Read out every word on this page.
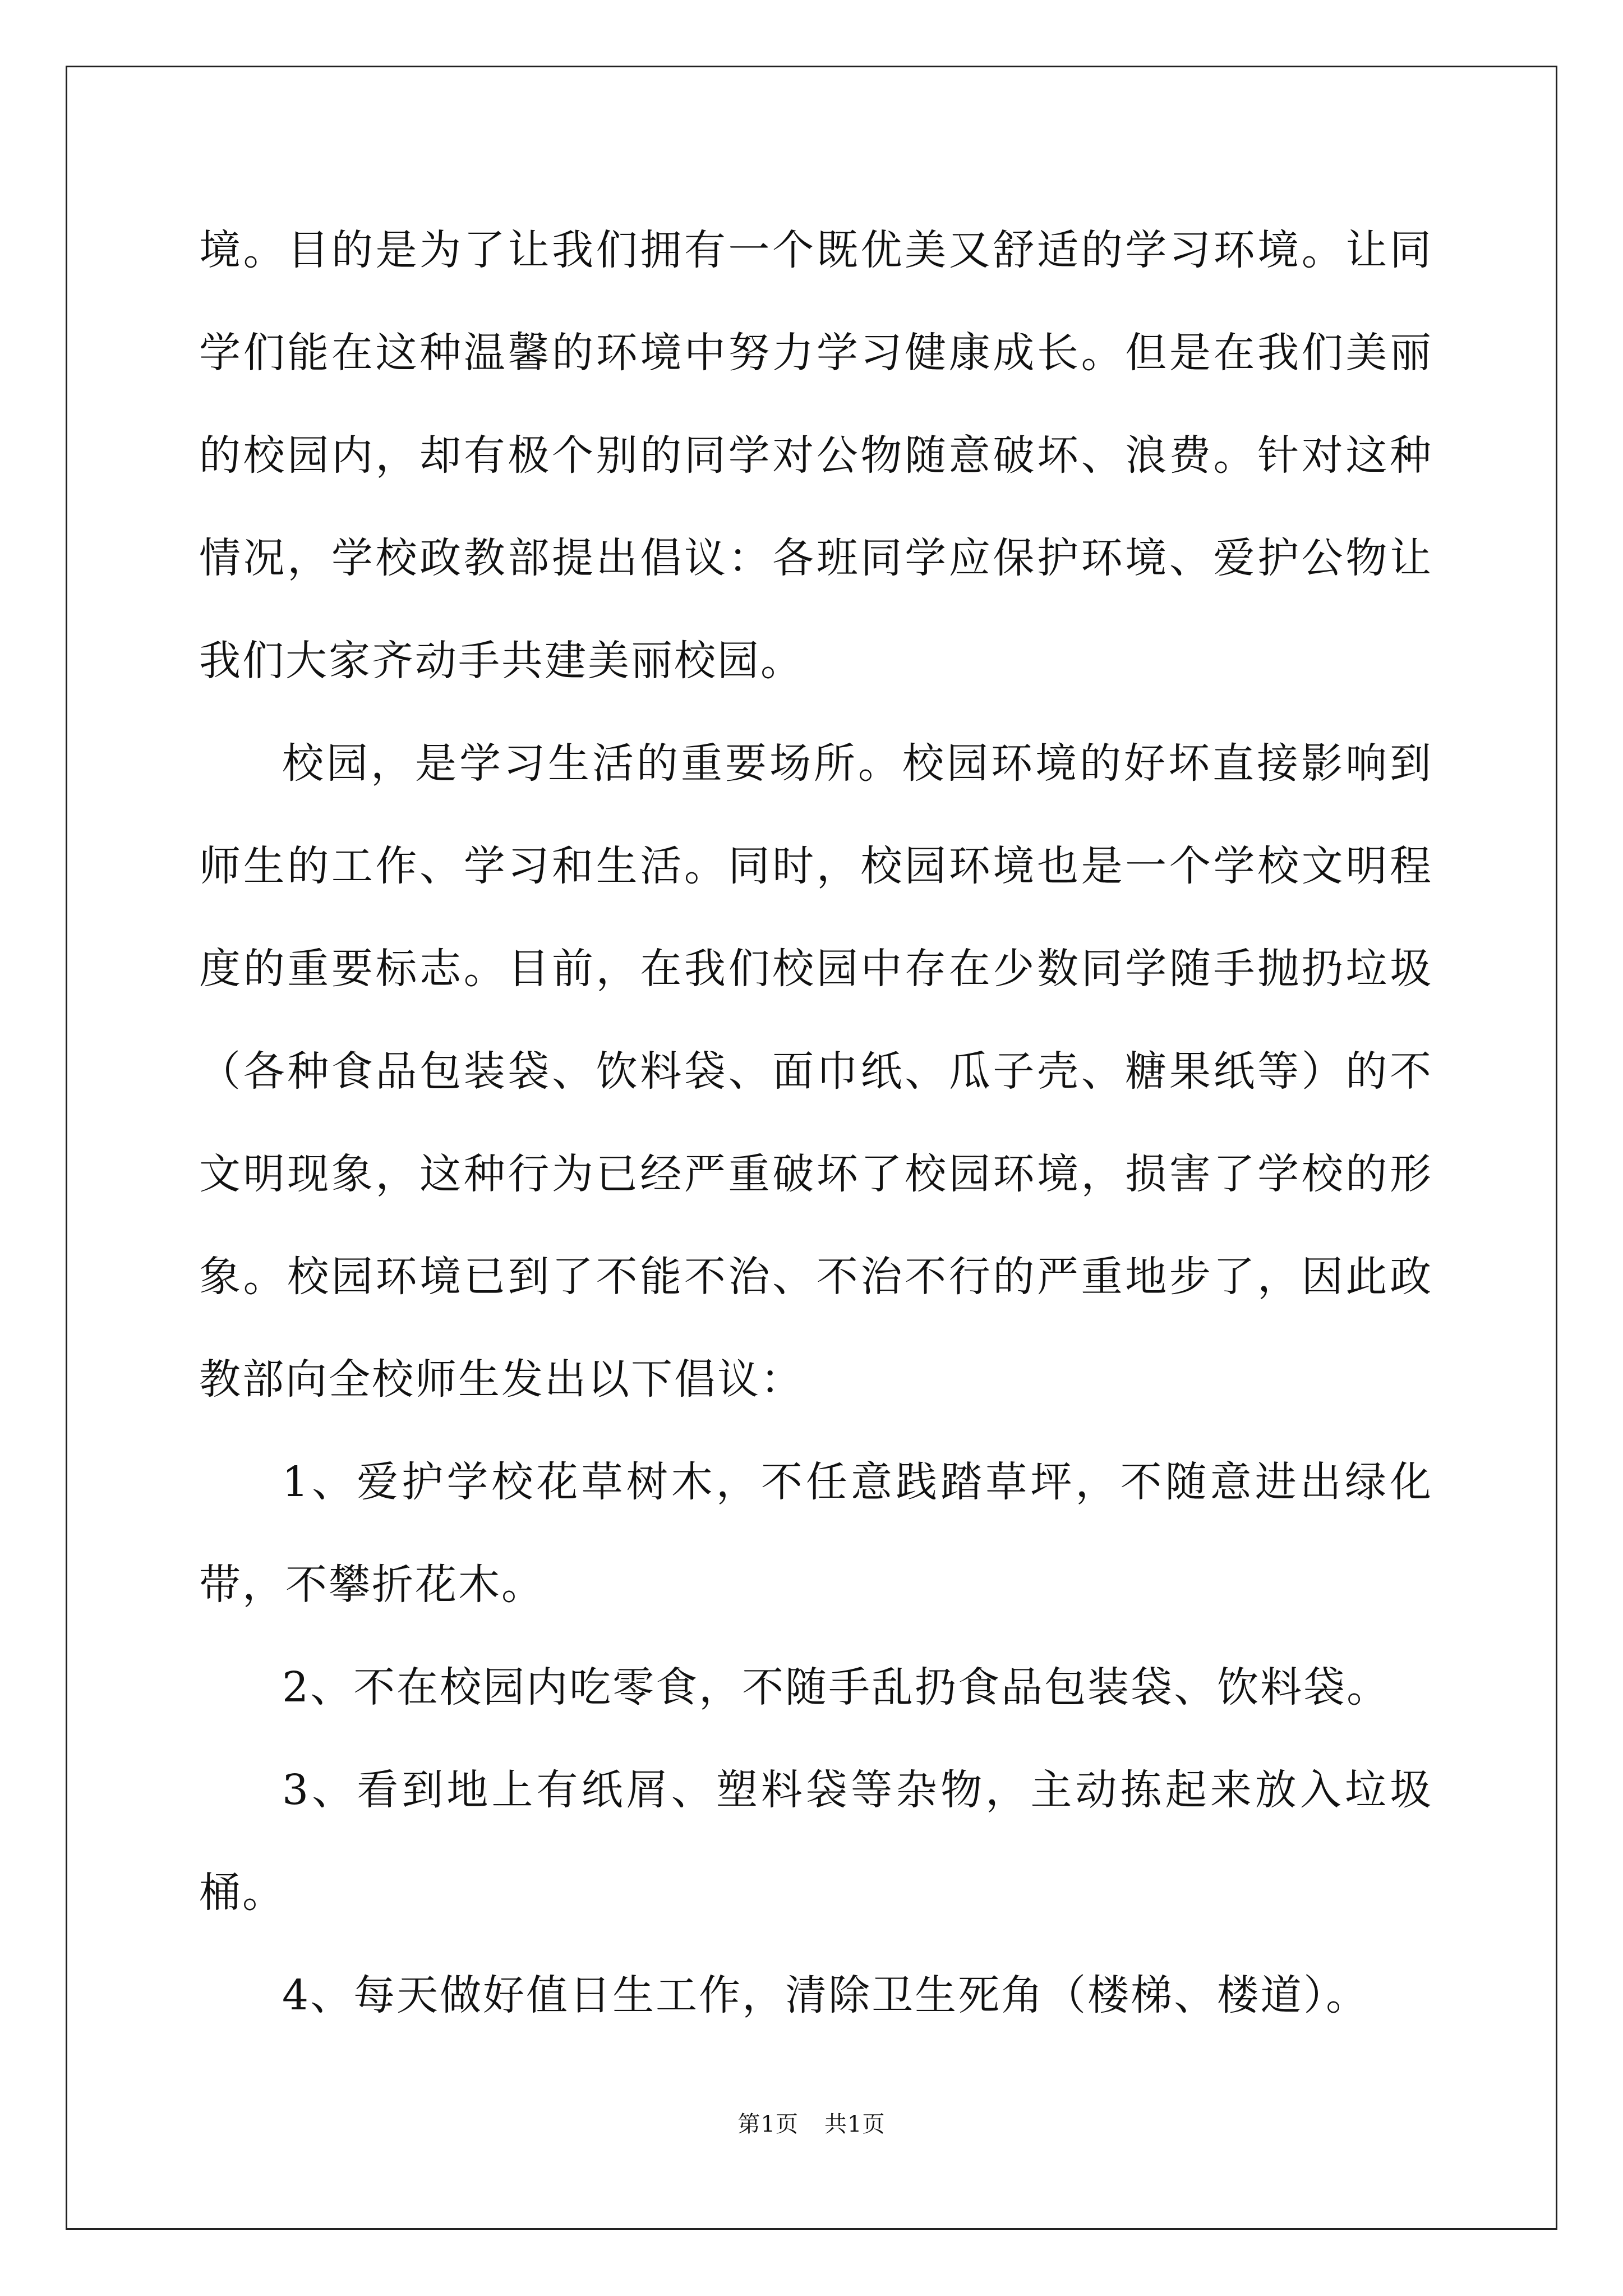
境。目的是为了让我们拥有一个既优美又舒适的学习环境。让同学们能在这种温馨的环境中努力学习健康成长。但是在我们美丽的校园内，却有极个别的同学对公物随意破坏、浪费。针对这种情况，学校政教部提出倡议：各班同学应保护环境、爱护公物让我们大家齐动手共建美丽校园。

校园，是学习生活的重要场所。校园环境的好坏直接影响到师生的工作、学习和生活。同时，校园环境也是一个学校文明程度的重要标志。目前，在我们校园中存在少数同学随手抛扔垃圾（各种食品包装袋、饮料袋、面巾纸、瓜子壳、糖果纸等）的不文明现象，这种行为已经严重破坏了校园环境，损害了学校的形象。校园环境已到了不能不治、不治不行的严重地步了，因此政教部向全校师生发出以下倡议：

1、爱护学校花草树木，不任意践踏草坪，不随意进出绿化带，不攀折花木。

2、不在校园内吃零食，不随手乱扔食品包装袋、饮料袋。

3、看到地上有纸屑、塑料袋等杂物，主动拣起来放入垃圾桶。

4、每天做好值日生工作，清除卫生死角（楼梯、楼道）。

第1页 共1页
